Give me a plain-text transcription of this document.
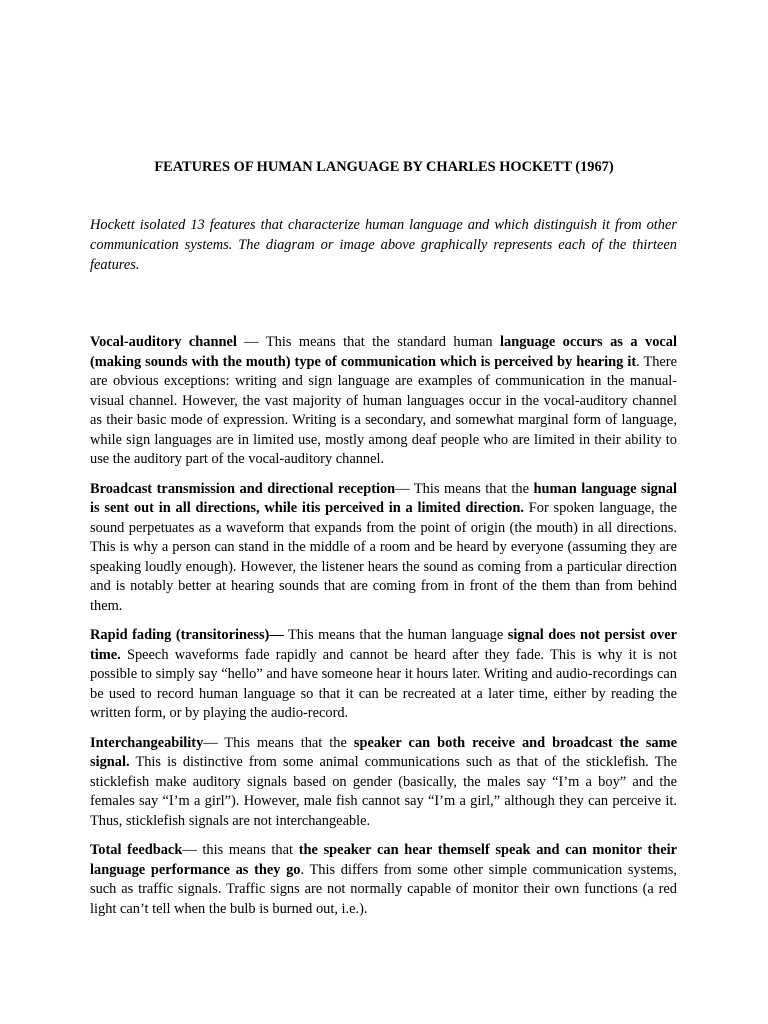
FEATURES OF HUMAN LANGUAGE BY CHARLES HOCKETT (1967)

Hockett isolated 13 features that characterize human language and which distinguish it from other communication systems. The diagram or image above graphically represents each of the thirteen features.

Vocal-auditory channel — This means that the standard human language occurs as a vocal (making sounds with the mouth) type of communication which is perceived by hearing it. There are obvious exceptions: writing and sign language are examples of communication in the manual-visual channel. However, the vast majority of human languages occur in the vocal-auditory channel as their basic mode of expression. Writing is a secondary, and somewhat marginal form of language, while sign languages are in limited use, mostly among deaf people who are limited in their ability to use the auditory part of the vocal-auditory channel.

Broadcast transmission and directional reception— This means that the human language signal is sent out in all directions, while itis perceived in a limited direction. For spoken language, the sound perpetuates as a waveform that expands from the point of origin (the mouth) in all directions. This is why a person can stand in the middle of a room and be heard by everyone (assuming they are speaking loudly enough). However, the listener hears the sound as coming from a particular direction and is notably better at hearing sounds that are coming from in front of the them than from behind them.

Rapid fading (transitoriness)— This means that the human language signal does not persist over time. Speech waveforms fade rapidly and cannot be heard after they fade. This is why it is not possible to simply say “hello” and have someone hear it hours later. Writing and audio-recordings can be used to record human language so that it can be recreated at a later time, either by reading the written form, or by playing the audio-record.

Interchangeability— This means that the speaker can both receive and broadcast the same signal. This is distinctive from some animal communications such as that of the sticklefish. The sticklefish make auditory signals based on gender (basically, the males say “I’m a boy” and the females say “I’m a girl”). However, male fish cannot say “I’m a girl,” although they can perceive it. Thus, sticklefish signals are not interchangeable.

Total feedback— this means that the speaker can hear themself speak and can monitor their language performance as they go. This differs from some other simple communication systems, such as traffic signals. Traffic signs are not normally capable of monitor their own functions (a red light can’t tell when the bulb is burned out, i.e.).
